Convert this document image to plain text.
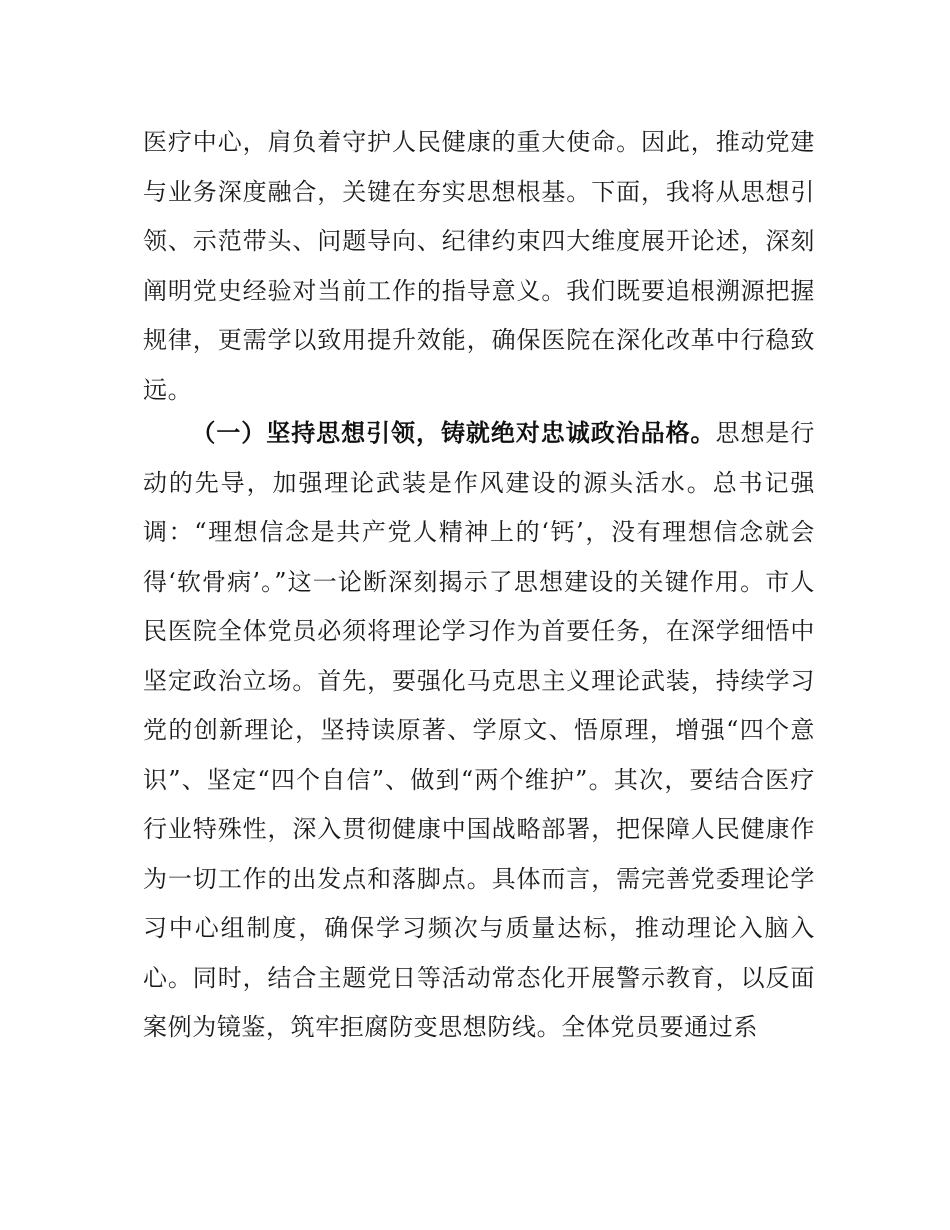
医疗中心，肩负着守护人民健康的重大使命。因此，推动党建与业务深度融合，关键在夯实思想根基。下面，我将从思想引领、示范带头、问题导向、纪律约束四大维度展开论述，深刻阐明党史经验对当前工作的指导意义。我们既要追根溯源把握规律，更需学以致用提升效能，确保医院在深化改革中行稳致远。

（一）坚持思想引领，铸就绝对忠诚政治品格。思想是行动的先导，加强理论武装是作风建设的源头活水。总书记强调：“理想信念是共产党人精神上的‘钙’，没有理想信念就会得‘软骨病’。”这一论断深刻揭示了思想建设的关键作用。市人民医院全体党员必须将理论学习作为首要任务，在深学细悟中坚定政治立场。首先，要强化马克思主义理论武装，持续学习党的创新理论，坚持读原著、学原文、悟原理，增强“四个意识”、坚定“四个自信”、做到“两个维护”。其次，要结合医疗行业特殊性，深入贯彻健康中国战略部署，把保障人民健康作为一切工作的出发点和落脚点。具体而言，需完善党委理论学习中心组制度，确保学习频次与质量达标，推动理论入脑入心。同时，结合主题党日等活动常态化开展警示教育，以反面案例为镜鉴，筑牢拒腐防变思想防线。全体党员要通过系
